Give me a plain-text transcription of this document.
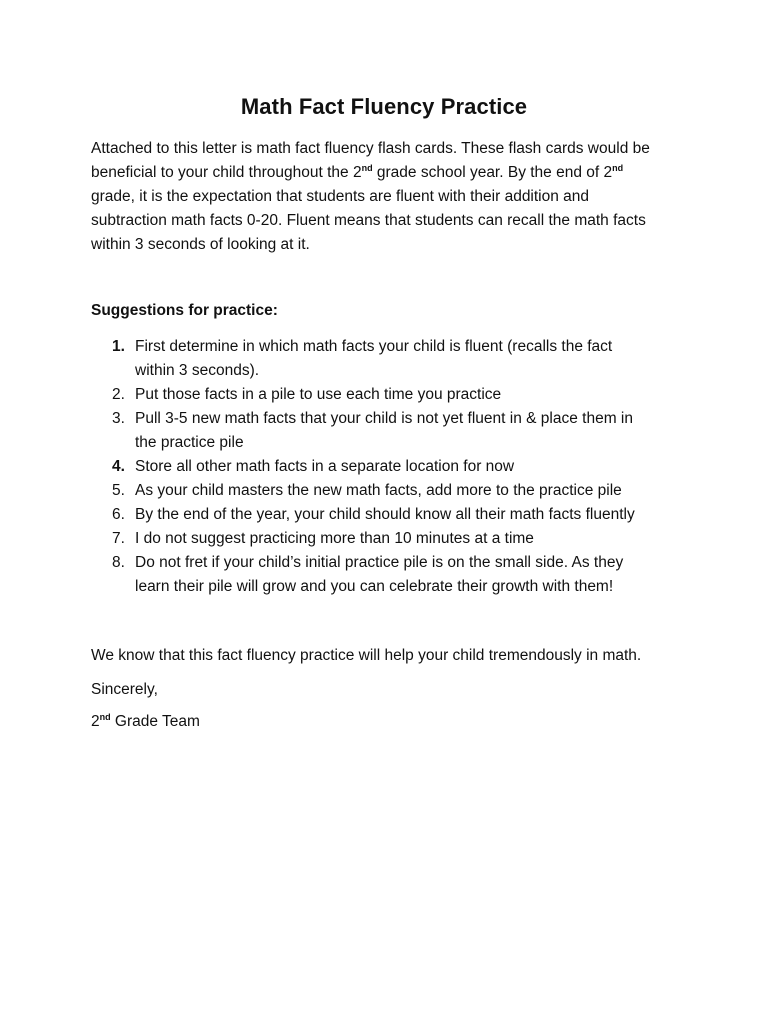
Math Fact Fluency Practice
Attached to this letter is math fact fluency flash cards. These flash cards would be
beneficial to your child throughout the 2nd grade school year. By the end of 2nd
grade, it is the expectation that students are fluent with their addition and
subtraction math facts 0-20. Fluent means that students can recall the math facts
within 3 seconds of looking at it.
Suggestions for practice:
1. First determine in which math facts your child is fluent (recalls the fact
within 3 seconds).
2. Put those facts in a pile to use each time you practice
3. Pull 3-5 new math facts that your child is not yet fluent in & place them in
the practice pile
4. Store all other math facts in a separate location for now
5. As your child masters the new math facts, add more to the practice pile
6. By the end of the year, your child should know all their math facts fluently
7. I do not suggest practicing more than 10 minutes at a time
8. Do not fret if your child’s initial practice pile is on the small side. As they
learn their pile will grow and you can celebrate their growth with them!
We know that this fact fluency practice will help your child tremendously in math.
Sincerely,
2nd Grade Team
